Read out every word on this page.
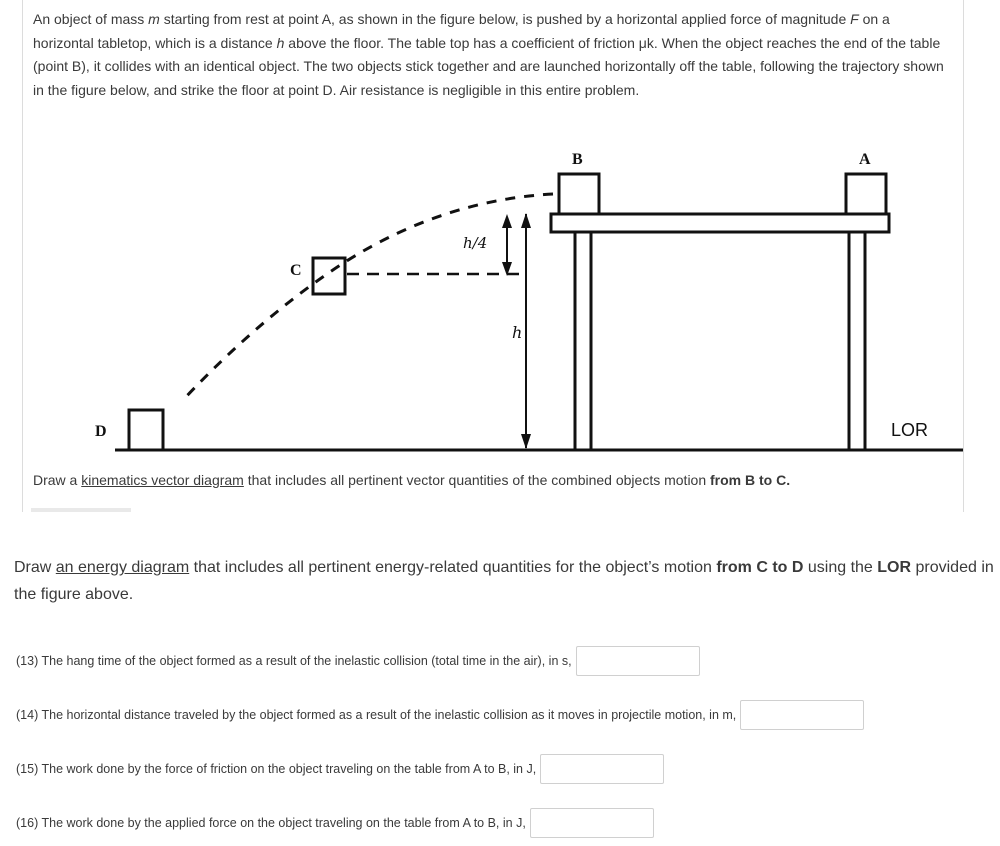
An object of mass m starting from rest at point A, as shown in the figure below, is pushed by a horizontal applied force of magnitude F on a horizontal tabletop, which is a distance h above the floor. The table top has a coefficient of friction μk. When the object reaches the end of the table (point B), it collides with an identical object. The two objects stick together and are launched horizontally off the table, following the trajectory shown in the figure below, and strike the floor at point D. Air resistance is negligible in this entire problem.

B	A
C
D
h/4
h
LOR

Draw a kinematics vector diagram that includes all pertinent vector quantities of the combined objects motion from B to C.

Draw an energy diagram that includes all pertinent energy-related quantities for the object’s motion from C to D using the LOR provided in the figure above.

(13) The hang time of the object formed as a result of the inelastic collision (total time in the air), in s,
(14) The horizontal distance traveled by the object formed as a result of the inelastic collision as it moves in projectile motion, in m,
(15) The work done by the force of friction on the object traveling on the table from A to B, in J,
(16) The work done by the applied force on the object traveling on the table from A to B, in J,
